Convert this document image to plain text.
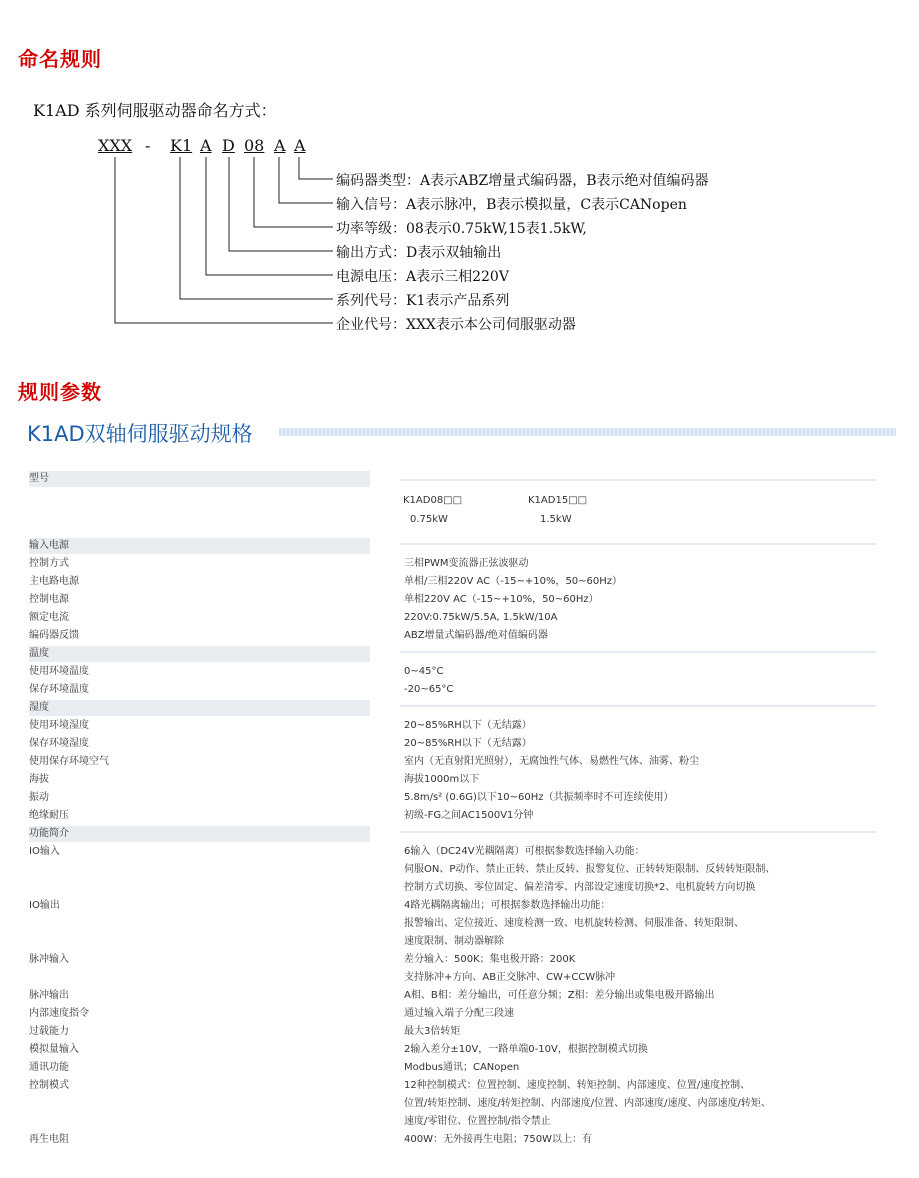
命名规则
K1AD 系列伺服驱动器命名方式：
XXX - K1 A D 08 A A
编码器类型：A表示ABZ增量式编码器，B表示绝对值编码器
输入信号：A表示脉冲，B表示模拟量，C表示CANopen
功率等级：08表示0.75kW,15表1.5kW,
输出方式：D表示双轴输出
电源电压：A表示三相220V
系列代号：K1表示产品系列
企业代号：XXX表示本公司伺服驱动器
规则参数
K1AD双轴伺服驱动规格
型号
K1AD08□□	K1AD15□□
0.75kW	1.5kW
输入电源
控制方式	三相PWM变流器正弦波驱动
主电路电源	单相/三相220V AC（-15~+10%，50~60Hz）
控制电源	单相220V AC（-15~+10%，50~60Hz）
额定电流	220V:0.75kW/5.5A, 1.5kW/10A
编码器反馈	ABZ增量式编码器/绝对值编码器
温度
使用环境温度	0~45°C
保存环境温度	-20~65°C
湿度
使用环境湿度	20~85%RH以下（无结露）
保存环境湿度	20~85%RH以下（无结露）
使用保存环境空气	室内（无直射阳光照射），无腐蚀性气体、易燃性气体、油雾、粉尘
海拔	海拔1000m以下
振动	5.8m/s² (0.6G)以下10~60Hz（共振频率时不可连续使用）
绝缘耐压	初级-FG之间AC1500V1分钟
功能简介
IO输入	6输入（DC24V光耦隔离）可根据参数选择输入功能：
伺服ON、P动作、禁止正转、禁止反转、报警复位、正转转矩限制、反转转矩限制、
控制方式切换、零位固定、偏差清零、内部设定速度切换*2、电机旋转方向切换
IO输出	4路光耦隔离输出；可根据参数选择输出功能：
报警输出、定位接近、速度检测一致、电机旋转检测、伺服准备、转矩限制、
速度限制、制动器解除
脉冲输入	差分输入：500K；集电极开路：200K
支持脉冲+方向、AB正交脉冲、CW+CCW脉冲
脉冲输出	A相、B相：差分输出，可任意分频；Z相：差分输出或集电极开路输出
内部速度指令	通过输入端子分配三段速
过载能力	最大3倍转矩
模拟量输入	2输入差分±10V，一路单端0-10V，根据控制模式切换
通讯功能	Modbus通讯；CANopen
控制模式	12种控制模式：位置控制、速度控制、转矩控制、内部速度、位置/速度控制、
位置/转矩控制、速度/转矩控制、内部速度/位置、内部速度/速度、内部速度/转矩、
速度/零钳位、位置控制/指令禁止
再生电阻	400W：无外接再生电阻；750W以上：有
